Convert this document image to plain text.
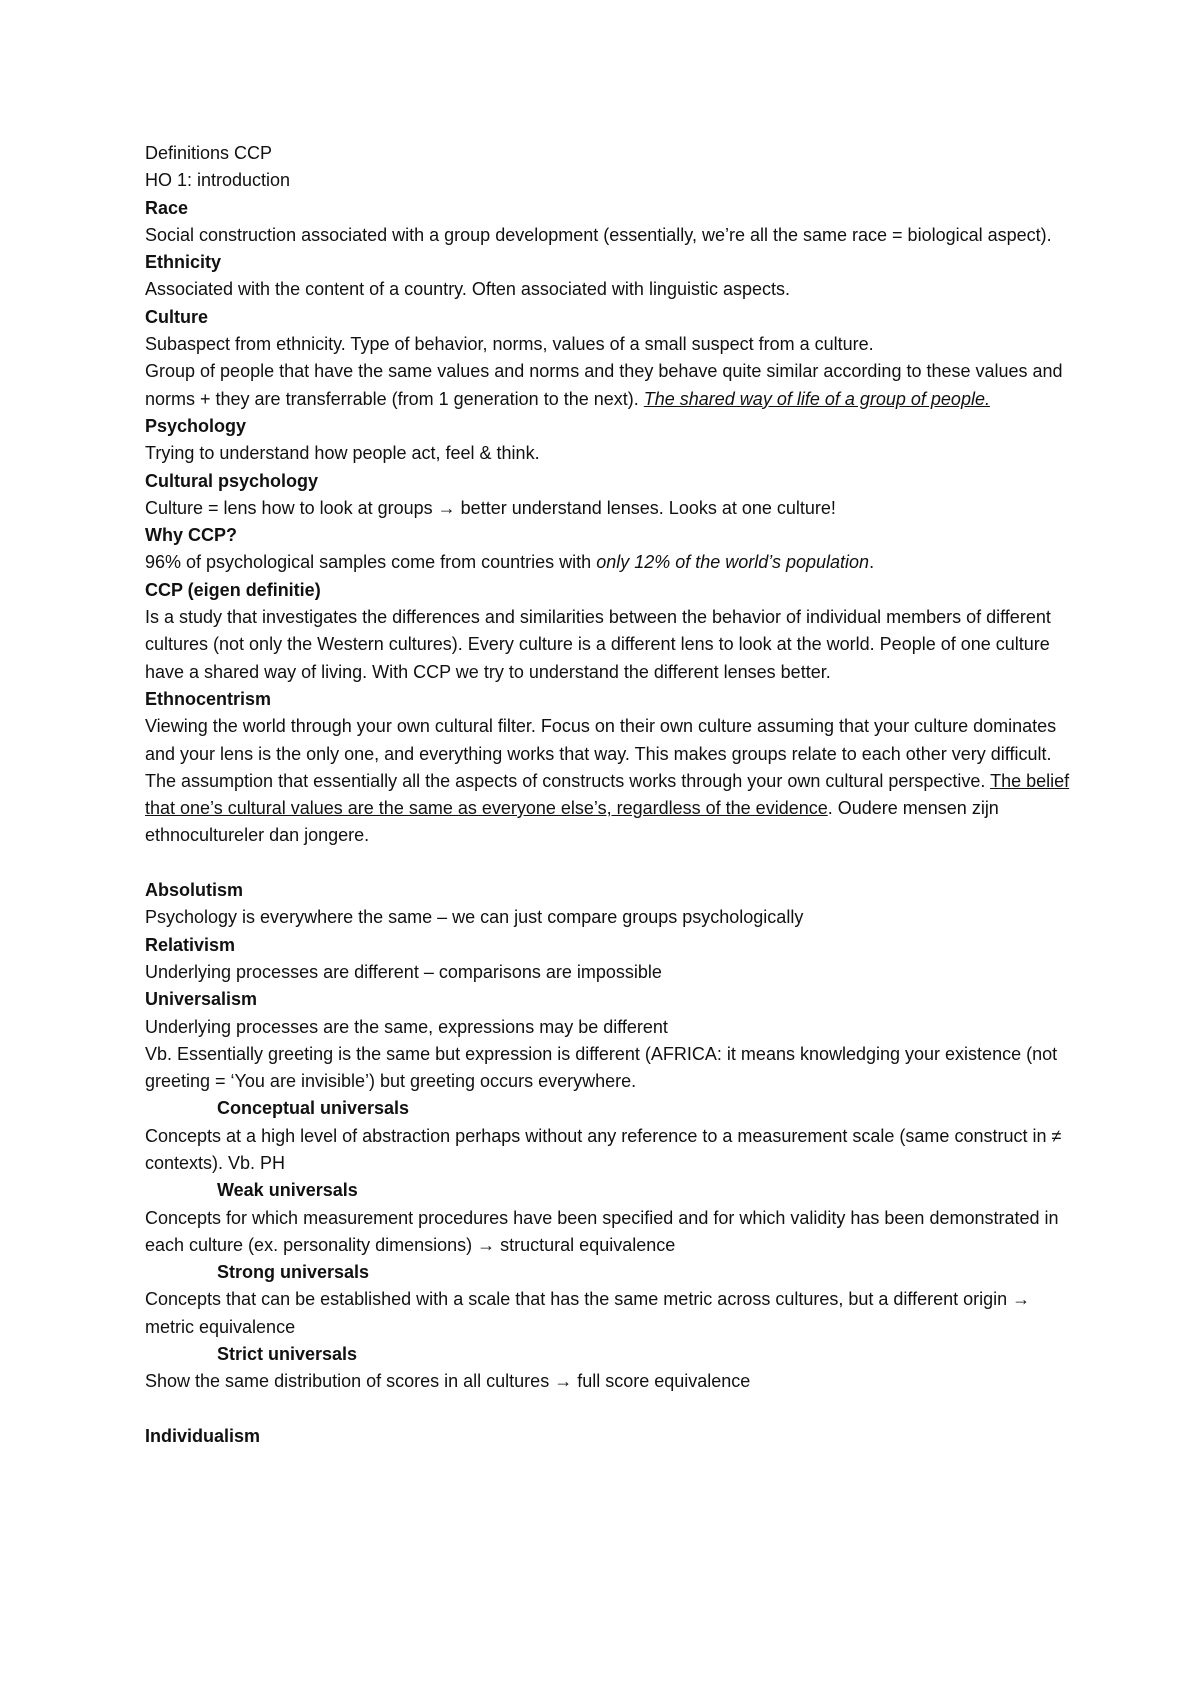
Definitions CCP

HO 1: introduction

Race

Social construction associated with a group development (essentially, we’re all the same race = biological aspect).

Ethnicity

Associated with the content of a country. Often associated with linguistic aspects.

Culture

Subaspect from ethnicity. Type of behavior, norms, values of a small suspect from a culture.

Group of people that have the same values and norms and they behave quite similar according to these values and norms + they are transferrable (from 1 generation to the next). The shared way of life of a group of people.

Psychology

Trying to understand how people act, feel & think.

Cultural psychology

Culture = lens how to look at groups → better understand lenses. Looks at one culture!

Why CCP?

96% of psychological samples come from countries with only 12% of the world’s population.

CCP (eigen definitie)

Is a study that investigates the differences and similarities between the behavior of individual members of different cultures (not only the Western cultures). Every culture is a different lens to look at the world. People of one culture have a shared way of living. With CCP we try to understand the different lenses better.

Ethnocentrism

Viewing the world through your own cultural filter. Focus on their own culture assuming that your culture dominates and your lens is the only one, and everything works that way. This makes groups relate to each other very difficult.

The assumption that essentially all the aspects of constructs works through your own cultural perspective. The belief that one’s cultural values are the same as everyone else’s, regardless of the evidence. Oudere mensen zijn ethnocultureler dan jongere.

Absolutism

Psychology is everywhere the same – we can just compare groups psychologically

Relativism

Underlying processes are different – comparisons are impossible

Universalism

Underlying processes are the same, expressions may be different

Vb. Essentially greeting is the same but expression is different (AFRICA: it means knowledging your existence (not greeting = ‘You are invisible’) but greeting occurs everywhere.

Conceptual universals

Concepts at a high level of abstraction perhaps without any reference to a measurement scale (same construct in ≠ contexts). Vb. PH

Weak universals

Concepts for which measurement procedures have been specified and for which validity has been demonstrated in each culture (ex. personality dimensions) → structural equivalence

Strong universals

Concepts that can be established with a scale that has the same metric across cultures, but a different origin → metric equivalence

Strict universals

Show the same distribution of scores in all cultures → full score equivalence

Individualism
